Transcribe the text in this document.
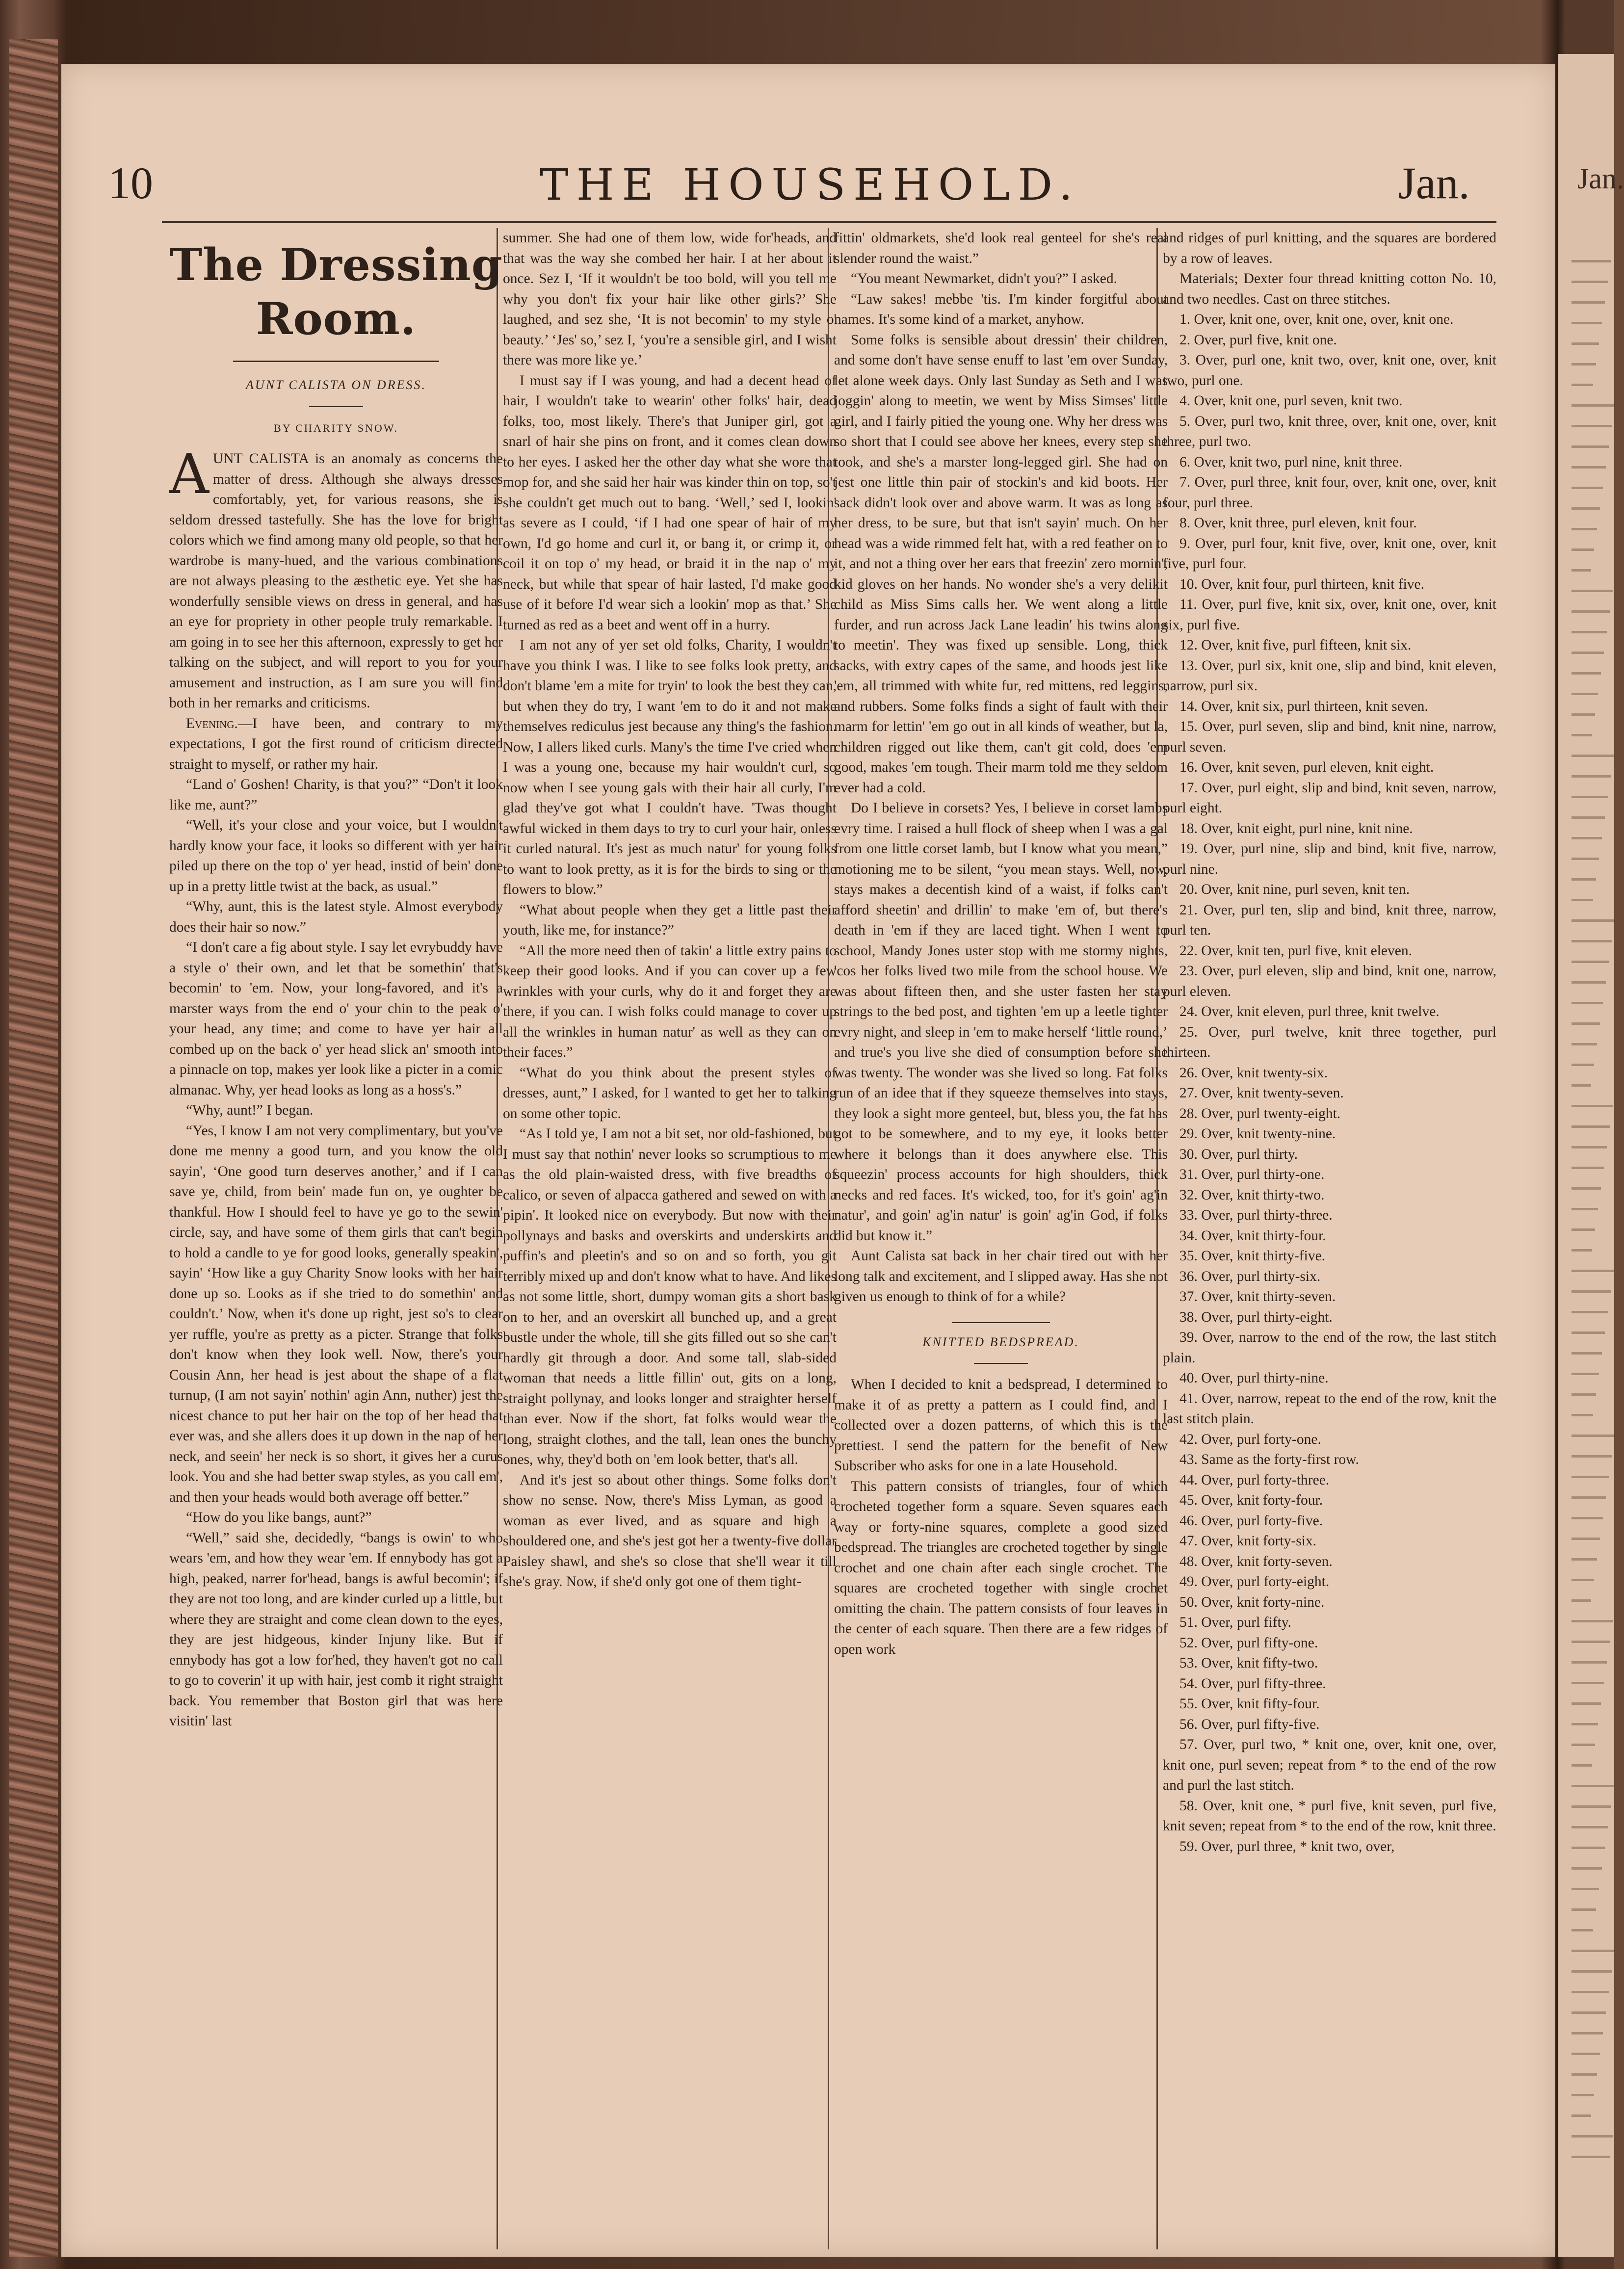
Jan.
10	THE HOUSEHOLD.	Jan.
The Dressing Room.
AUNT CALISTA ON DRESS.
BY CHARITY SNOW.

AUNT CALISTA is an anomaly as concerns the matter of dress. Although she always dresses comfortably, yet, for various reasons, she is seldom dressed tastefully. She has the love for bright colors which we find among many old people, so that her wardrobe is many-hued, and the various combinations are not always pleasing to the æsthetic eye. Yet she has wonderfully sensible views on dress in general, and has an eye for propriety in other people truly remarkable. I am going in to see her this afternoon, expressly to get her talking on the subject, and will report to you for your amusement and instruction, as I am sure you will find both in her remarks and criticisms.

Evening.—I have been, and contrary to my expectations, I got the first round of criticism directed straight to myself, or rather my hair.

“Land o' Goshen! Charity, is that you?” “Don't it look like me, aunt?”

“Well, it's your close and your voice, but I wouldn't hardly know your face, it looks so different with yer hair piled up there on the top o' yer head, instid of bein' done up in a pretty little twist at the back, as usual.”

“Why, aunt, this is the latest style. Almost everybody does their hair so now.”

“I don't care a fig about style. I say let evrybuddy have a style o' their own, and let that be somethin' that's becomin' to 'em. Now, your long-favored, and it's a marster ways from the end o' your chin to the peak o' your head, any time; and come to have yer hair all combed up on the back o' yer head slick an' smooth into a pinnacle on top, makes yer look like a picter in a comic almanac. Why, yer head looks as long as a hoss's.”

“Why, aunt!” I began.

“Yes, I know I am not very complimentary, but you've done me menny a good turn, and you know the old sayin', ‘One good turn deserves another,’ and if I can save ye, child, from bein' made fun on, ye oughter be thankful. How I should feel to have ye go to the sewin' circle, say, and have some of them girls that can't begin to hold a candle to ye for good looks, generally speakin', sayin' ‘How like a guy Charity Snow looks with her hair done up so. Looks as if she tried to do somethin' and couldn't.’ Now, when it's done up right, jest so's to clear yer ruffle, you're as pretty as a picter. Strange that folks don't know when they look well. Now, there's your Cousin Ann, her head is jest about the shape of a flat turnup, (I am not sayin' nothin' agin Ann, nuther) jest the nicest chance to put her hair on the top of her head that ever was, and she allers does it up down in the nap of her neck, and seein' her neck is so short, it gives her a curus look. You and she had better swap styles, as you call em', and then your heads would both average off better.”

“How do you like bangs, aunt?”

“Well,” said she, decidedly, “bangs is owin' to who wears 'em, and how they wear 'em. If ennybody has got a high, peaked, narrer for'head, bangs is awful becomin'; if they are not too long, and are kinder curled up a little, but where they are straight and come clean down to the eyes, they are jest hidgeous, kinder Injuny like. But if ennybody has got a low for'hed, they haven't got no call to go to coverin' it up with hair, jest comb it right straight back. You remember that Boston girl that was here visitin' last

summer. She had one of them low, wide for'heads, and that was the way she combed her hair. I at her about it once. Sez I, ‘If it wouldn't be too bold, will you tell me why you don't fix your hair like other girls?’ She laughed, and sez she, ‘It is not becomin' to my style o' beauty.’ ‘Jes' so,’ sez I, ‘you're a sensible girl, and I wisht there was more like ye.’

I must say if I was young, and had a decent head of hair, I wouldn't take to wearin' other folks' hair, dead folks, too, most likely. There's that Juniper girl, got a snarl of hair she pins on front, and it comes clean down to her eyes. I asked her the other day what she wore that mop for, and she said her hair was kinder thin on top, so't she couldn't get much out to bang. ‘Well,’ sed I, lookin' as severe as I could, ‘if I had one spear of hair of my own, I'd go home and curl it, or bang it, or crimp it, or coil it on top o' my head, or braid it in the nap o' my neck, but while that spear of hair lasted, I'd make good use of it before I'd wear sich a lookin' mop as that.’ She turned as red as a beet and went off in a hurry.

I am not any of yer set old folks, Charity, I wouldn't have you think I was. I like to see folks look pretty, and don't blame 'em a mite for tryin' to look the best they can, but when they do try, I want 'em to do it and not make themselves rediculus jest because any thing's the fashion. Now, I allers liked curls. Many's the time I've cried when I was a young one, because my hair wouldn't curl, so now when I see young gals with their hair all curly, I'm glad they've got what I couldn't have. 'Twas thought awful wicked in them days to try to curl your hair, onless it curled natural. It's jest as much natur' for young folks to want to look pretty, as it is for the birds to sing or the flowers to blow.”

“What about people when they get a little past their youth, like me, for instance?”

“All the more need then of takin' a little extry pains to keep their good looks. And if you can cover up a few wrinkles with your curls, why do it and forget they are there, if you can. I wish folks could manage to cover up all the wrinkles in human natur' as well as they can on their faces.”

“What do you think about the present styles of dresses, aunt,” I asked, for I wanted to get her to talking on some other topic.

“As I told ye, I am not a bit set, nor old-fashioned, but I must say that nothin' never looks so scrumptious to me as the old plain-waisted dress, with five breadths of calico, or seven of alpacca gathered and sewed on with a pipin'. It looked nice on everybody. But now with their pollynays and basks and overskirts and underskirts and puffin's and pleetin's and so on and so forth, you git terribly mixed up and don't know what to have. And likes as not some little, short, dumpy woman gits a short bask on to her, and an overskirt all bunched up, and a great bustle under the whole, till she gits filled out so she can't hardly git through a door. And some tall, slab-sided woman that needs a little fillin' out, gits on a long, straight pollynay, and looks longer and straighter herself than ever. Now if the short, fat folks would wear the long, straight clothes, and the tall, lean ones the bunchy ones, why, they'd both on 'em look better, that's all.

And it's jest so about other things. Some folks don't show no sense. Now, there's Miss Lyman, as good a woman as ever lived, and as square and high a shouldered one, and she's jest got her a twenty-five dollar Paisley shawl, and she's so close that she'll wear it till she's gray. Now, if she'd only got one of them tight-

fittin' oldmarkets, she'd look real genteel for she's real slender round the waist.”

“You meant Newmarket, didn't you?” I asked.

“Law sakes! mebbe 'tis. I'm kinder forgitful about names. It's some kind of a market, anyhow.

Some folks is sensible about dressin' their children, and some don't have sense enuff to last 'em over Sunday, let alone week days. Only last Sunday as Seth and I was joggin' along to meetin, we went by Miss Simses' little girl, and I fairly pitied the young one. Why her dress was so short that I could see above her knees, every step she took, and she's a marster long-legged girl. She had on jest one little thin pair of stockin's and kid boots. Her sack didn't look over and above warm. It was as long as her dress, to be sure, but that isn't sayin' much. On her head was a wide rimmed felt hat, with a red feather on to it, and not a thing over her ears that freezin' zero mornin', kid gloves on her hands. No wonder she's a very delikit child as Miss Sims calls her. We went along a little furder, and run across Jack Lane leadin' his twins along to meetin'. They was fixed up sensible. Long, thick sacks, with extry capes of the same, and hoods jest like 'em, all trimmed with white fur, red mittens, red leggins, and rubbers. Some folks finds a sight of fault with their marm for lettin' 'em go out in all kinds of weather, but la, children rigged out like them, can't git cold, does 'em good, makes 'em tough. Their marm told me they seldom ever had a cold.

Do I believe in corsets? Yes, I believe in corset lambs evry time. I raised a hull flock of sheep when I was a gal from one little corset lamb, but I know what you mean,” motioning me to be silent, “you mean stays. Well, now, stays makes a decentish kind of a waist, if folks can't afford sheetin' and drillin' to make 'em of, but there's death in 'em if they are laced tight. When I went to school, Mandy Jones uster stop with me stormy nights, 'cos her folks lived two mile from the school house. We was about fifteen then, and she uster fasten her stay strings to the bed post, and tighten 'em up a leetle tighter evry night, and sleep in 'em to make herself ‘little round,’ and true's you live she died of consumption before she was twenty. The wonder was she lived so long. Fat folks run of an idee that if they squeeze themselves into stays, they look a sight more genteel, but, bless you, the fat has got to be somewhere, and to my eye, it looks better where it belongs than it does anywhere else. This squeezin' process accounts for high shoulders, thick necks and red faces. It's wicked, too, for it's goin' ag'in natur', and goin' ag'in natur' is goin' ag'in God, if folks did but know it.”

Aunt Calista sat back in her chair tired out with her long talk and excitement, and I slipped away. Has she not given us enough to think of for a while?

KNITTED BEDSPREAD.

When I decided to knit a bedspread, I determined to make it of as pretty a pattern as I could find, and I collected over a dozen patterns, of which this is the prettiest. I send the pattern for the benefit of New Subscriber who asks for one in a late Household.

This pattern consists of triangles, four of which crocheted together form a square. Seven squares each way or forty-nine squares, complete a good sized bedspread. The triangles are crocheted together by single crochet and one chain after each single crochet. The squares are crocheted together with single crochet omitting the chain. The pattern consists of four leaves in the center of each square. Then there are a few ridges of open work

and ridges of purl knitting, and the squares are bordered by a row of leaves.

Materials; Dexter four thread knitting cotton No. 10, and two needles. Cast on three stitches.

1. Over, knit one, over, knit one, over, knit one.

2. Over, purl five, knit one.

3. Over, purl one, knit two, over, knit one, over, knit two, purl one.

4. Over, knit one, purl seven, knit two.

5. Over, purl two, knit three, over, knit one, over, knit three, purl two.

6. Over, knit two, purl nine, knit three.

7. Over, purl three, knit four, over, knit one, over, knit four, purl three.

8. Over, knit three, purl eleven, knit four.

9. Over, purl four, knit five, over, knit one, over, knit five, purl four.

10. Over, knit four, purl thirteen, knit five.

11. Over, purl five, knit six, over, knit one, over, knit six, purl five.

12. Over, knit five, purl fifteen, knit six.

13. Over, purl six, knit one, slip and bind, knit eleven, narrow, purl six.

14. Over, knit six, purl thirteen, knit seven.

15. Over, purl seven, slip and bind, knit nine, narrow, purl seven.

16. Over, knit seven, purl eleven, knit eight.

17. Over, purl eight, slip and bind, knit seven, narrow, purl eight.

18. Over, knit eight, purl nine, knit nine.

19. Over, purl nine, slip and bind, knit five, narrow, purl nine.

20. Over, knit nine, purl seven, knit ten.

21. Over, purl ten, slip and bind, knit three, narrow, purl ten.

22. Over, knit ten, purl five, knit eleven.

23. Over, purl eleven, slip and bind, knit one, narrow, purl eleven.

24. Over, knit eleven, purl three, knit twelve.

25. Over, purl twelve, knit three together, purl thirteen.

26. Over, knit twenty-six.

27. Over, knit twenty-seven.

28. Over, purl twenty-eight.

29. Over, knit twenty-nine.

30. Over, purl thirty.

31. Over, purl thirty-one.

32. Over, knit thirty-two.

33. Over, purl thirty-three.

34. Over, knit thirty-four.

35. Over, knit thirty-five.

36. Over, purl thirty-six.

37. Over, knit thirty-seven.

38. Over, purl thirty-eight.

39. Over, narrow to the end of the row, the last stitch plain.

40. Over, purl thirty-nine.

41. Over, narrow, repeat to the end of the row, knit the last stitch plain.

42. Over, purl forty-one.

43. Same as the forty-first row.

44. Over, purl forty-three.

45. Over, knit forty-four.

46. Over, purl forty-five.

47. Over, knit forty-six.

48. Over, knit forty-seven.

49. Over, purl forty-eight.

50. Over, knit forty-nine.

51. Over, purl fifty.

52. Over, purl fifty-one.

53. Over, knit fifty-two.

54. Over, purl fifty-three.

55. Over, knit fifty-four.

56. Over, purl fifty-five.

57. Over, purl two, * knit one, over, knit one, over, knit one, purl seven; repeat from * to the end of the row and purl the last stitch.

58. Over, knit one, * purl five, knit seven, purl five, knit seven; repeat from * to the end of the row, knit three.

59. Over, purl three, * knit two, over,
